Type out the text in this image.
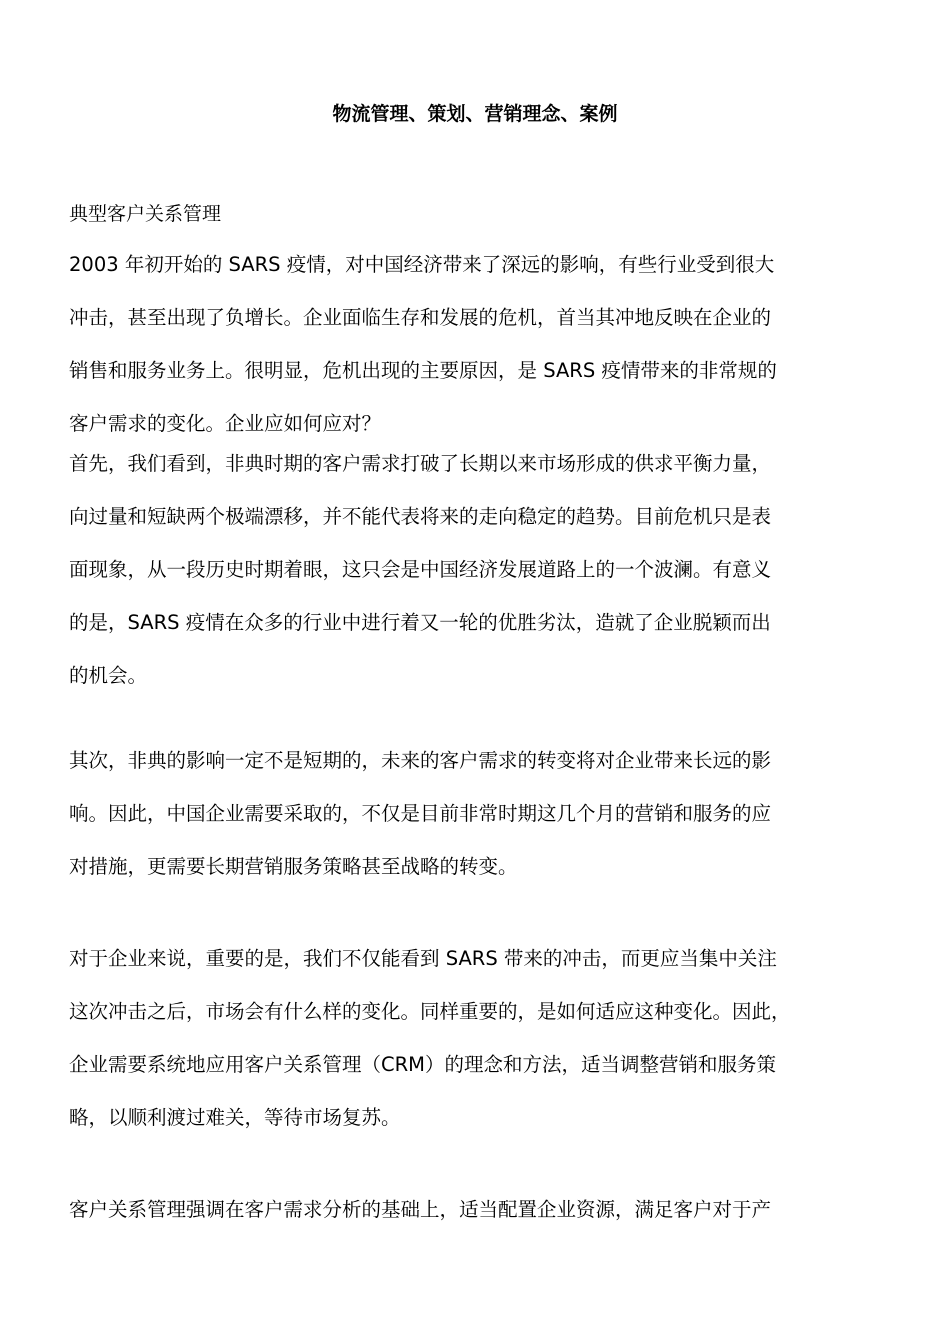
物流管理、策划、营销理念、案例

典型客户关系管理

2003 年初开始的 SARS 疫情，对中国经济带来了深远的影响，有些行业受到很大
冲击，甚至出现了负增长。企业面临生存和发展的危机，首当其冲地反映在企业的
销售和服务业务上。很明显，危机出现的主要原因，是 SARS 疫情带来的非常规的
客户需求的变化。企业应如何应对？
首先，我们看到，非典时期的客户需求打破了长期以来市场形成的供求平衡力量，
向过量和短缺两个极端漂移，并不能代表将来的走向稳定的趋势。目前危机只是表
面现象，从一段历史时期着眼，这只会是中国经济发展道路上的一个波澜。有意义
的是，SARS 疫情在众多的行业中进行着又一轮的优胜劣汰，造就了企业脱颖而出
的机会。
其次，非典的影响一定不是短期的，未来的客户需求的转变将对企业带来长远的影
响。因此，中国企业需要采取的，不仅是目前非常时期这几个月的营销和服务的应
对措施，更需要长期营销服务策略甚至战略的转变。
对于企业来说，重要的是，我们不仅能看到 SARS 带来的冲击，而更应当集中关注
这次冲击之后，市场会有什么样的变化。同样重要的，是如何适应这种变化。因此，
企业需要系统地应用客户关系管理（CRM）的理念和方法，适当调整营销和服务策
略，以顺利渡过难关，等待市场复苏。
客户关系管理强调在客户需求分析的基础上，适当配置企业资源，满足客户对于产
